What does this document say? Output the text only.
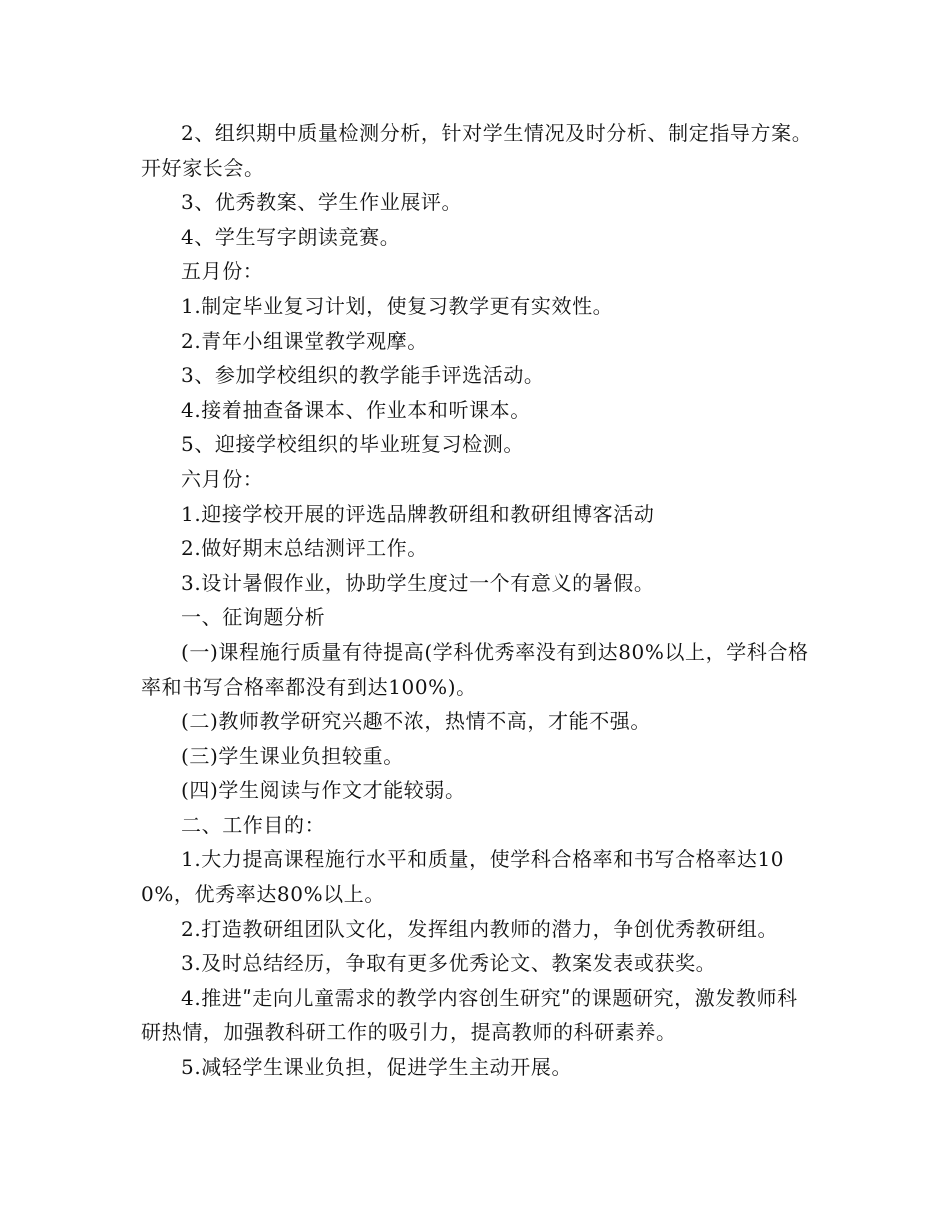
2、组织期中质量检测分析，针对学生情况及时分析、制定指导方案。开好家长会。

3、优秀教案、学生作业展评。

4、学生写字朗读竞赛。

五月份：

1.制定毕业复习计划，使复习教学更有实效性。

2.青年小组课堂教学观摩。

3、参加学校组织的教学能手评选活动。

4.接着抽查备课本、作业本和听课本。

5、迎接学校组织的毕业班复习检测。

六月份：

1.迎接学校开展的评选品牌教研组和教研组博客活动

2.做好期末总结测评工作。

3.设计暑假作业，协助学生度过一个有意义的暑假。

一、征询题分析

(一)课程施行质量有待提高(学科优秀率没有到达80%以上，学科合格率和书写合格率都没有到达100%)。

(二)教师教学研究兴趣不浓，热情不高，才能不强。

(三)学生课业负担较重。

(四)学生阅读与作文才能较弱。

二、工作目的：

1.大力提高课程施行水平和质量，使学科合格率和书写合格率达100%，优秀率达80%以上。

2.打造教研组团队文化，发挥组内教师的潜力，争创优秀教研组。

3.及时总结经历，争取有更多优秀论文、教案发表或获奖。

4.推进ʺ走向儿童需求的教学内容创生研究ʺ的课题研究，激发教师科研热情，加强教科研工作的吸引力，提高教师的科研素养。

5.减轻学生课业负担，促进学生主动开展。
